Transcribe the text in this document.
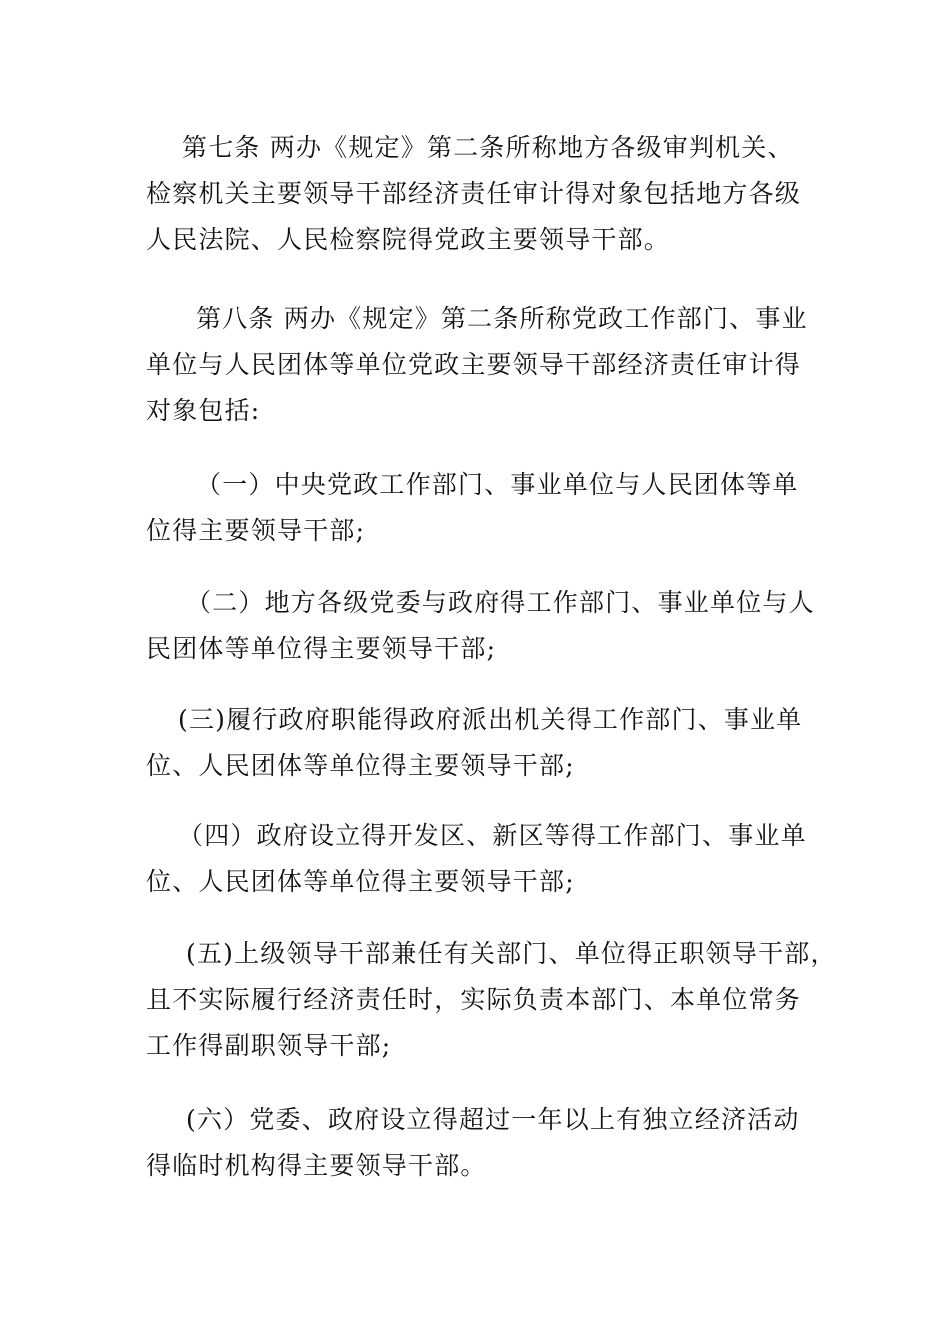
第七条 两办《规定》第二条所称地方各级审判机关、
检察机关主要领导干部经济责任审计得对象包括地方各级
人民法院、人民检察院得党政主要领导干部。
第八条 两办《规定》第二条所称党政工作部门、事业
单位与人民团体等单位党政主要领导干部经济责任审计得
对象包括:
（一）中央党政工作部门、事业单位与人民团体等单
位得主要领导干部;
（二）地方各级党委与政府得工作部门、事业单位与人
民团体等单位得主要领导干部;
(三)履行政府职能得政府派出机关得工作部门、事业单
位、人民团体等单位得主要领导干部;
（四）政府设立得开发区、新区等得工作部门、事业单
位、人民团体等单位得主要领导干部;
(五)上级领导干部兼任有关部门、单位得正职领导干部，
且不实际履行经济责任时，实际负责本部门、本单位常务
工作得副职领导干部;
(六）党委、政府设立得超过一年以上有独立经济活动
得临时机构得主要领导干部。
